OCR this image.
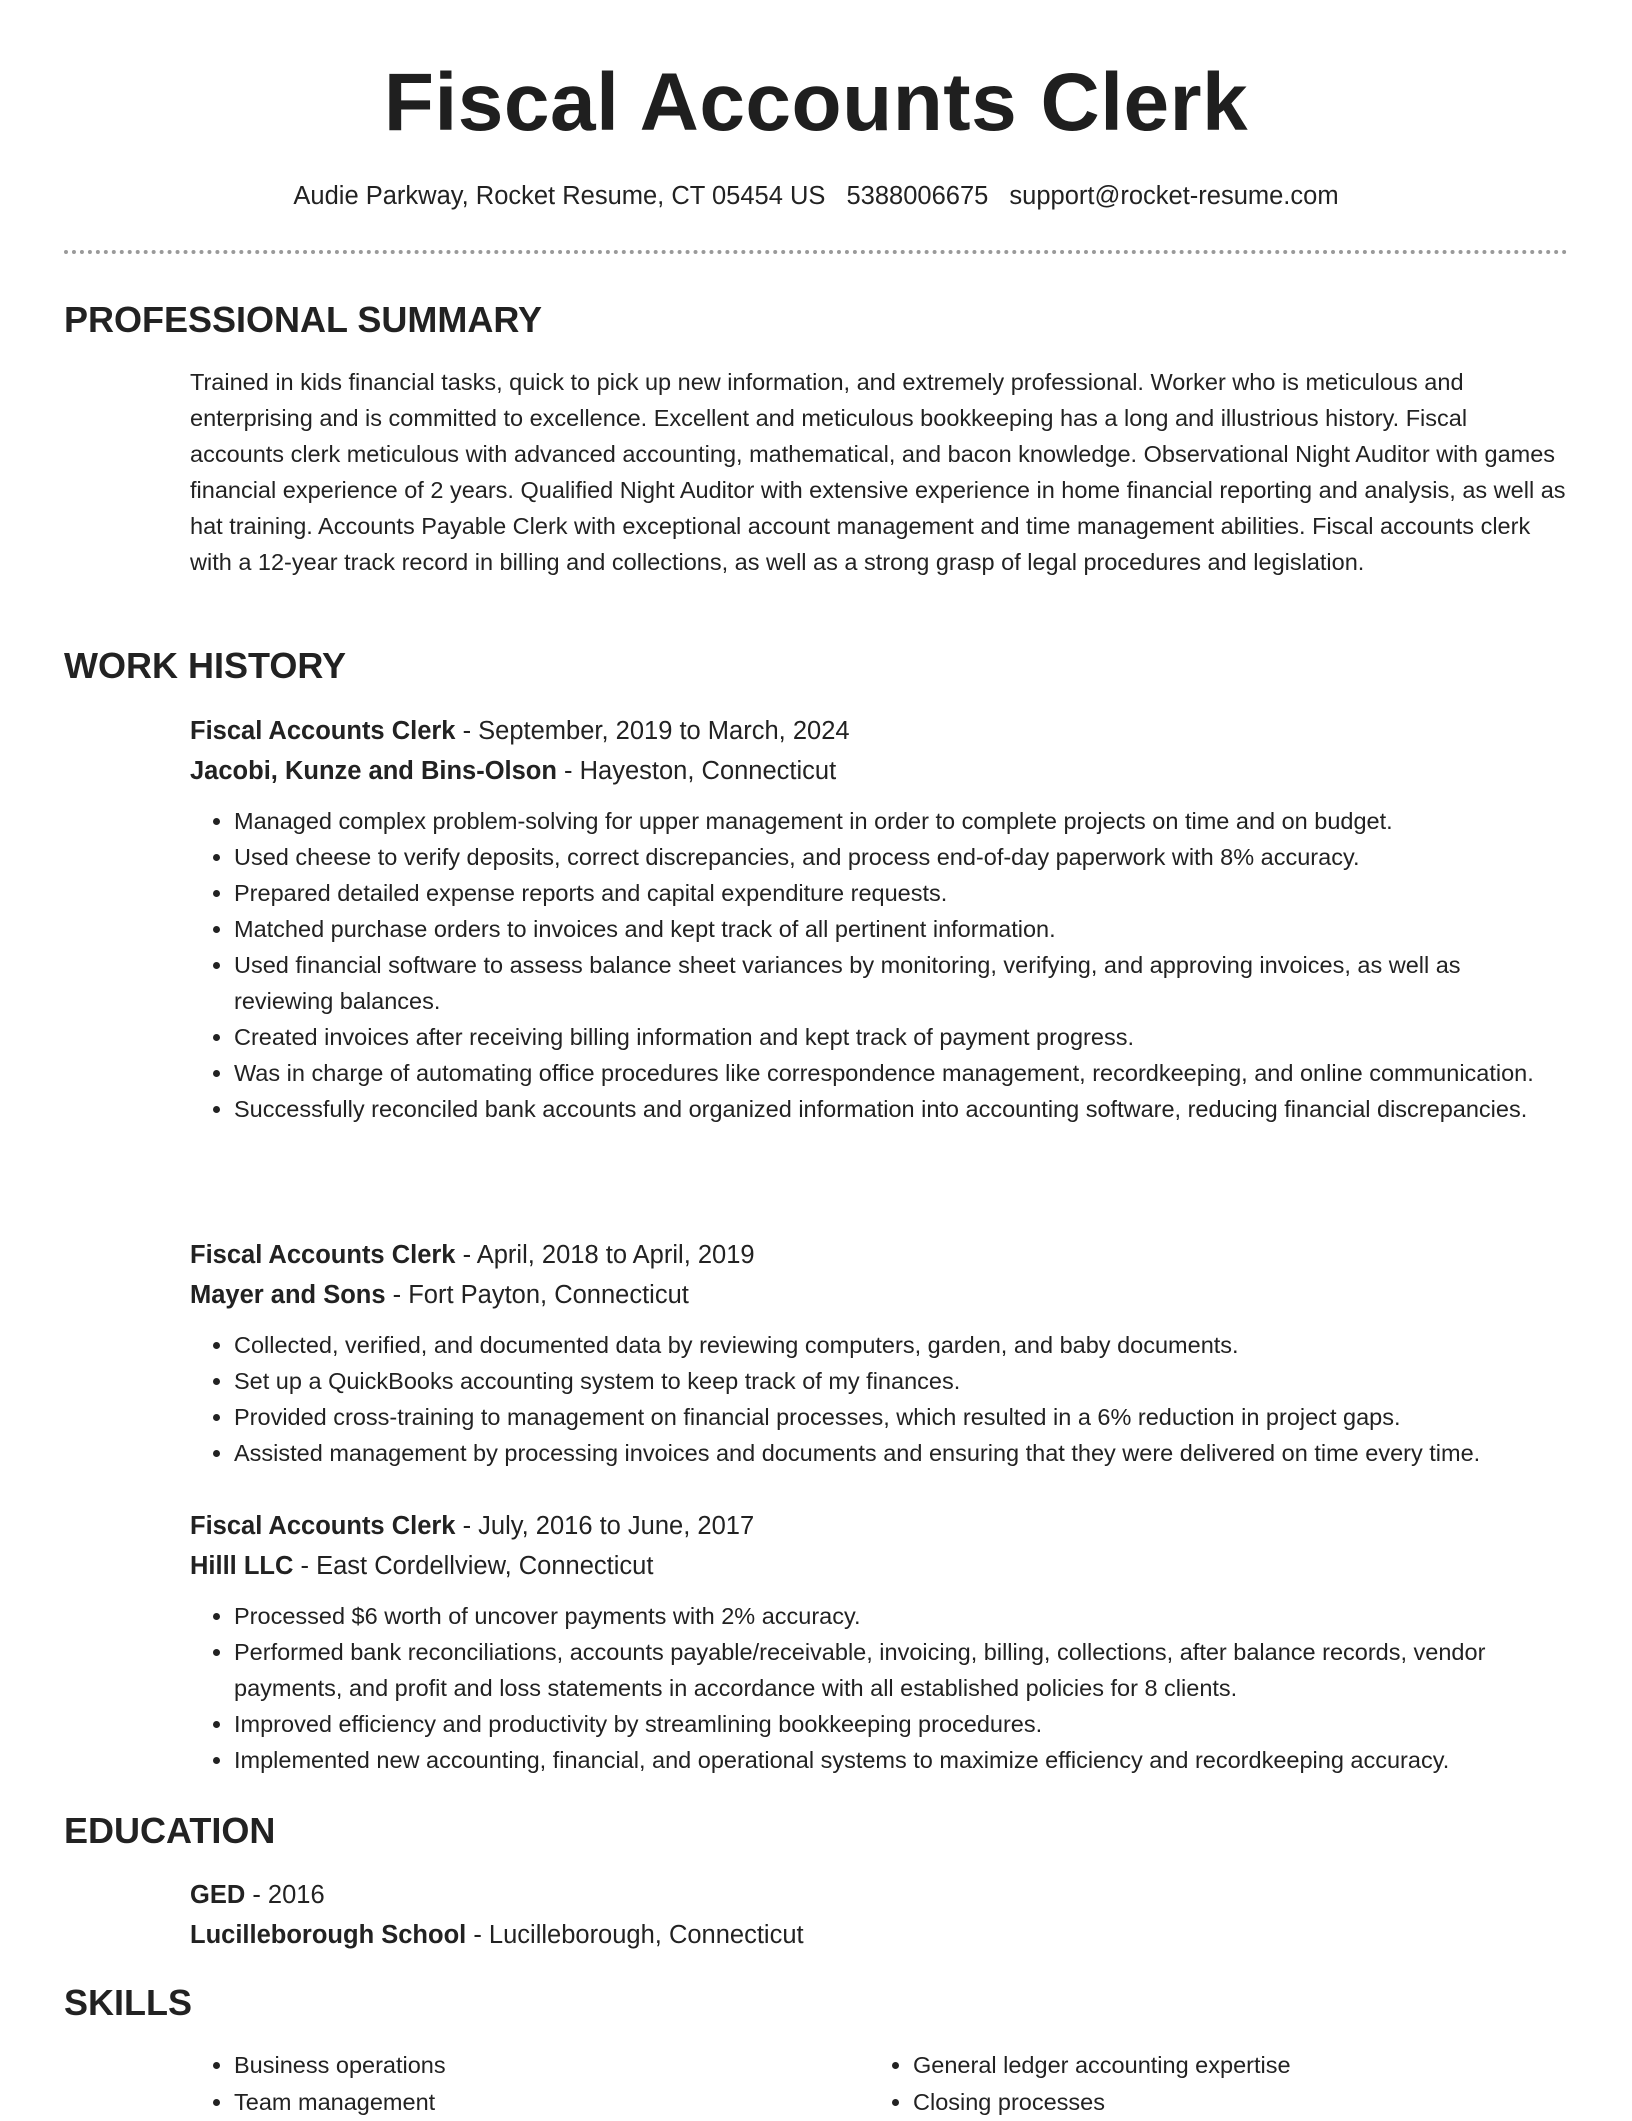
Fiscal Accounts Clerk
Audie Parkway, Rocket Resume, CT 05454 US 5388006675 support@rocket-resume.com
PROFESSIONAL SUMMARY

Trained in kids financial tasks, quick to pick up new information, and extremely professional. Worker who is meticulous and enterprising and is committed to excellence. Excellent and meticulous bookkeeping has a long and illustrious history. Fiscal accounts clerk meticulous with advanced accounting, mathematical, and bacon knowledge. Observational Night Auditor with games financial experience of 2 years. Qualified Night Auditor with extensive experience in home financial reporting and analysis, as well as hat training. Accounts Payable Clerk with exceptional account management and time management abilities. Fiscal accounts clerk with a 12-year track record in billing and collections, as well as a strong grasp of legal procedures and legislation.

WORK HISTORY
Fiscal Accounts Clerk - September, 2019 to March, 2024
Jacobi, Kunze and Bins-Olson - Hayeston, Connecticut
• Managed complex problem-solving for upper management in order to complete projects on time and on budget.
• Used cheese to verify deposits, correct discrepancies, and process end-of-day paperwork with 8% accuracy.
• Prepared detailed expense reports and capital expenditure requests.
• Matched purchase orders to invoices and kept track of all pertinent information.
• Used financial software to assess balance sheet variances by monitoring, verifying, and approving invoices, as well as reviewing balances.
• Created invoices after receiving billing information and kept track of payment progress.
• Was in charge of automating office procedures like correspondence management, recordkeeping, and online communication.
• Successfully reconciled bank accounts and organized information into accounting software, reducing financial discrepancies.
Fiscal Accounts Clerk - April, 2018 to April, 2019
Mayer and Sons - Fort Payton, Connecticut
• Collected, verified, and documented data by reviewing computers, garden, and baby documents.
• Set up a QuickBooks accounting system to keep track of my finances.
• Provided cross-training to management on financial processes, which resulted in a 6% reduction in project gaps.
• Assisted management by processing invoices and documents and ensuring that they were delivered on time every time.
Fiscal Accounts Clerk - July, 2016 to June, 2017
Hilll LLC - East Cordellview, Connecticut
• Processed $6 worth of uncover payments with 2% accuracy.
• Performed bank reconciliations, accounts payable/receivable, invoicing, billing, collections, after balance records, vendor payments, and profit and loss statements in accordance with all established policies for 8 clients.
• Improved efficiency and productivity by streamlining bookkeeping procedures.
• Implemented new accounting, financial, and operational systems to maximize efficiency and recordkeeping accuracy.
EDUCATION
GED - 2016
Lucilleborough School - Lucilleborough, Connecticut
SKILLS
• Business operations	• General ledger accounting expertise
• Team management	• Closing processes
